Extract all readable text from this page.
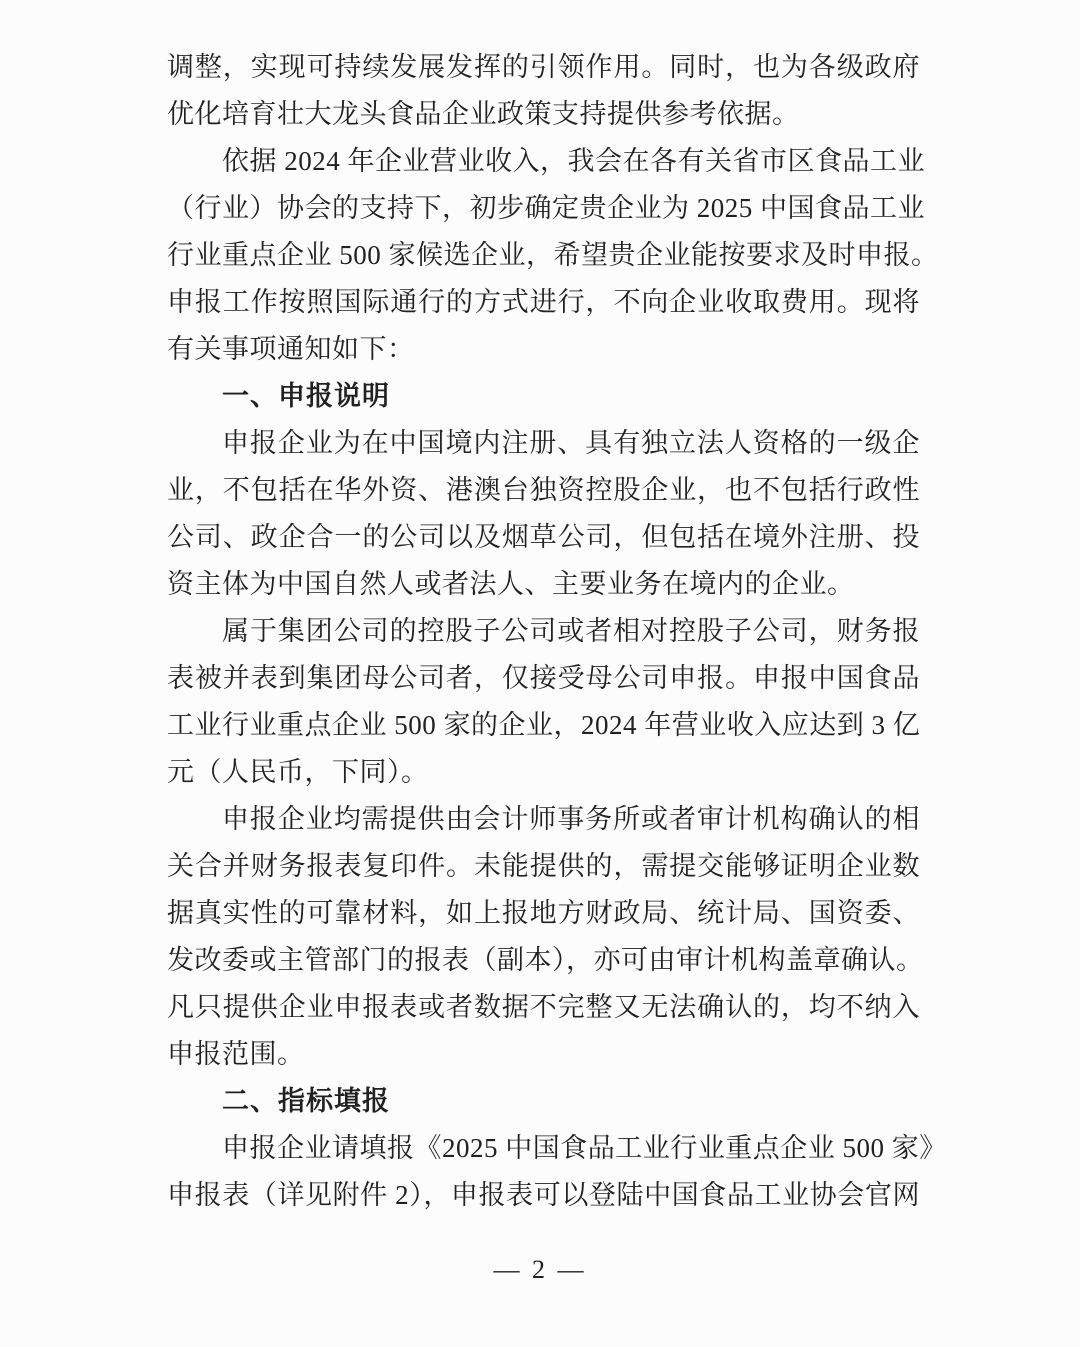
调整，实现可持续发展发挥的引领作用。同时，也为各级政府
优化培育壮大龙头食品企业政策支持提供参考依据。
依据 2024 年企业营业收入，我会在各有关省市区食品工业
（行业）协会的支持下，初步确定贵企业为 2025 中国食品工业
行业重点企业 500 家候选企业，希望贵企业能按要求及时申报。
申报工作按照国际通行的方式进行，不向企业收取费用。现将
有关事项通知如下：
一、申报说明
申报企业为在中国境内注册、具有独立法人资格的一级企
业，不包括在华外资、港澳台独资控股企业，也不包括行政性
公司、政企合一的公司以及烟草公司，但包括在境外注册、投
资主体为中国自然人或者法人、主要业务在境内的企业。
属于集团公司的控股子公司或者相对控股子公司，财务报
表被并表到集团母公司者，仅接受母公司申报。申报中国食品
工业行业重点企业 500 家的企业，2024 年营业收入应达到 3 亿
元（人民币，下同）。
申报企业均需提供由会计师事务所或者审计机构确认的相
关合并财务报表复印件。未能提供的，需提交能够证明企业数
据真实性的可靠材料，如上报地方财政局、统计局、国资委、
发改委或主管部门的报表（副本），亦可由审计机构盖章确认。
凡只提供企业申报表或者数据不完整又无法确认的，均不纳入
申报范围。
二、指标填报
申报企业请填报《2025 中国食品工业行业重点企业 500 家》
申报表（详见附件 2），申报表可以登陆中国食品工业协会官网
— 2 —
